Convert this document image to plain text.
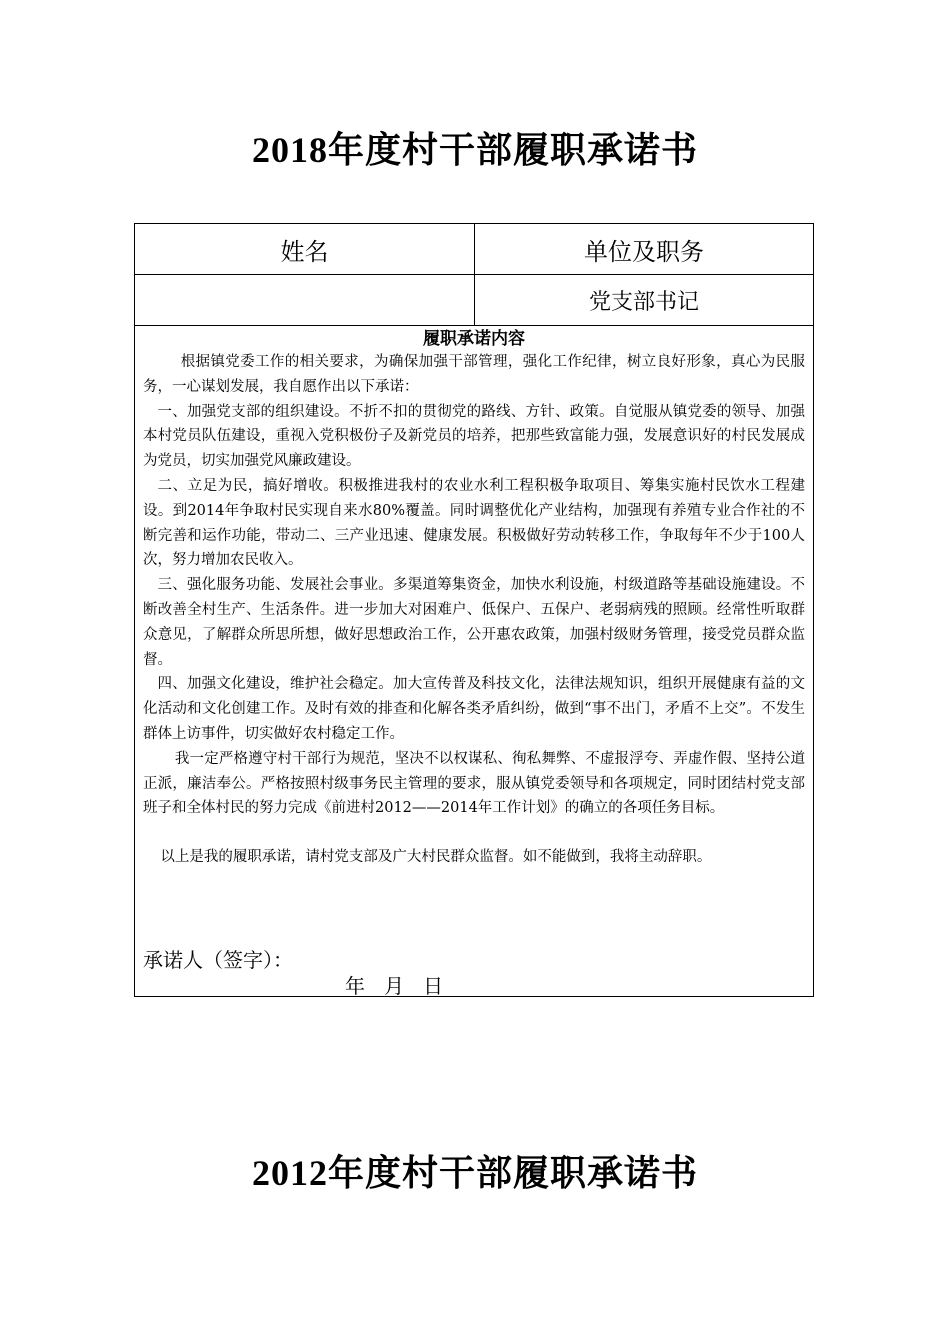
2018年度村干部履职承诺书
姓名	单位及职务
党支部书记
履职承诺内容

根据镇党委工作的相关要求，为确保加强干部管理，强化工作纪律，树立良好形象，真心为民服务，一心谋划发展，我自愿作出以下承诺：

一、加强党支部的组织建设。不折不扣的贯彻党的路线、方针、政策。自觉服从镇党委的领导、加强本村党员队伍建设，重视入党积极份子及新党员的培养，把那些致富能力强，发展意识好的村民发展成为党员，切实加强党风廉政建设。

二、立足为民，搞好增收。积极推进我村的农业水利工程积极争取项目、筹集实施村民饮水工程建设。到2014年争取村民实现自来水80%覆盖。同时调整优化产业结构，加强现有养殖专业合作社的不断完善和运作功能，带动二、三产业迅速、健康发展。积极做好劳动转移工作，争取每年不少于100人次，努力增加农民收入。

三、强化服务功能、发展社会事业。多渠道筹集资金，加快水利设施，村级道路等基础设施建设。不断改善全村生产、生活条件。进一步加大对困难户、低保户、五保户、老弱病残的照顾。经常性听取群众意见，了解群众所思所想，做好思想政治工作，公开惠农政策，加强村级财务管理，接受党员群众监督。

四、加强文化建设，维护社会稳定。加大宣传普及科技文化，法律法规知识，组织开展健康有益的文化活动和文化创建工作。及时有效的排查和化解各类矛盾纠纷，做到“事不出门，矛盾不上交”。不发生群体上访事件，切实做好农村稳定工作。

我一定严格遵守村干部行为规范，坚决不以权谋私、徇私舞弊、不虚报浮夸、弄虚作假、坚持公道正派，廉洁奉公。严格按照村级事务民主管理的要求，服从镇党委领导和各项规定，同时团结村党支部班子和全体村民的努力完成《前进村2012——2014年工作计划》的确立的各项任务目标。

以上是我的履职承诺，请村党支部及广大村民群众监督。如不能做到，我将主动辞职。

承诺人（签字）：
年   月   日
2012年度村干部履职承诺书
